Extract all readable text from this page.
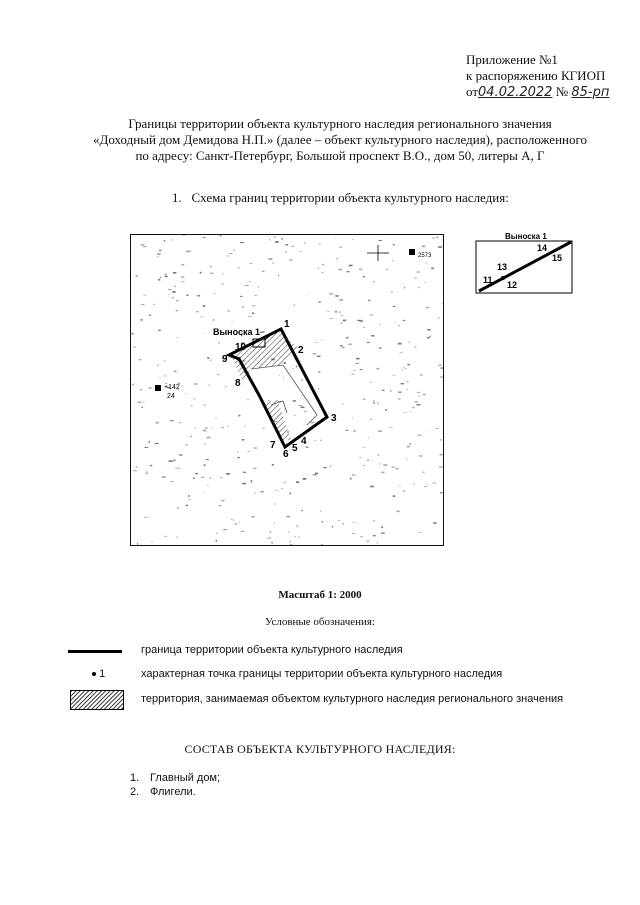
Приложение №1
к распоряжению КГИОП
от04.02.2022 № 85-рп
Границы территории объекта культурного наследия регионального значения
«Доходный дом Демидова Н.П.» (далее – объект культурного наследия), расположенного
по адресу: Санкт-Петербург, Большой проспект В.О., дом 50, литеры А, Г
1. Схема границ территории объекта культурного наследия:
Выноска 1
1
2
3
4
5
6
7
8
9
10
+142
24
2573
Выноска 1
11 12
13
14
15
Масштаб 1: 2000
Условные обозначения:
граница территории объекта культурного наследия
1	характерная точка границы территории объекта культурного наследия
территория, занимаемая объектом культурного наследия регионального значения
СОСТАВ ОБЪЕКТА КУЛЬТУРНОГО НАСЛЕДИЯ:
1. Главный дом;
2. Флигели.
